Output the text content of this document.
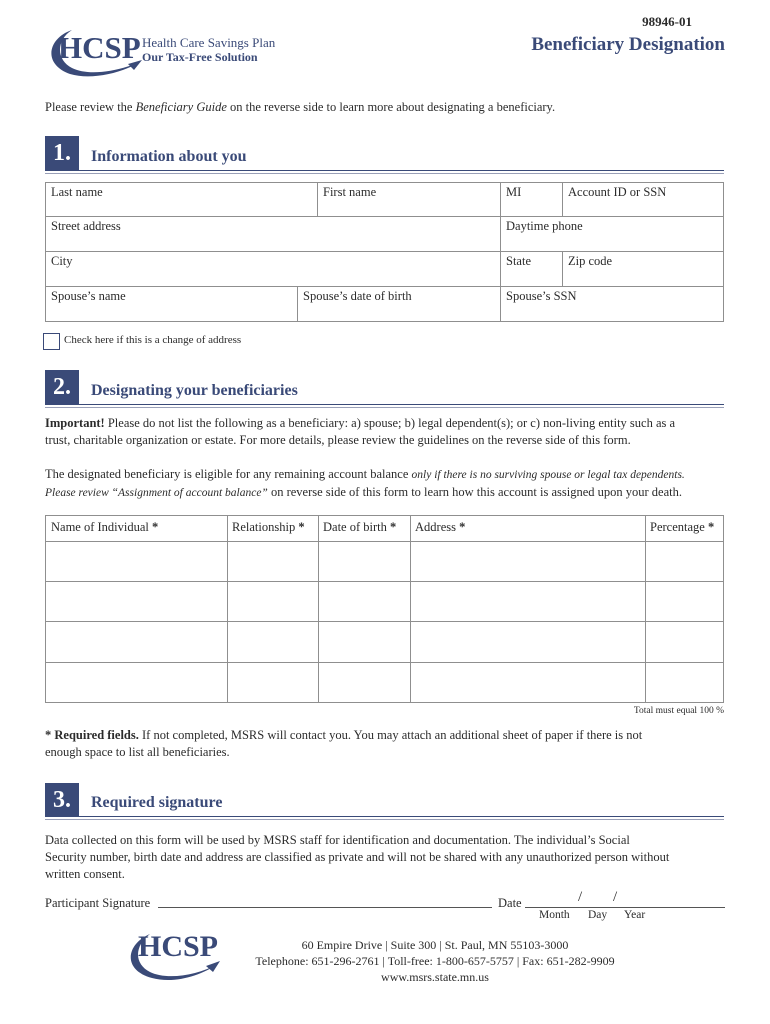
HCSP Health Care Savings Plan
Our Tax-Free Solution
98946-01
Beneficiary Designation
Please review the Beneficiary Guide on the reverse side to learn more about designating a beneficiary.
1.	Information about you
Last name	First name	MI	Account ID or SSN
Street address	Daytime phone
City	State	Zip code
Spouse’s name	Spouse’s date of birth	Spouse’s SSN
Check here if this is a change of address
2.	Designating your beneficiaries
Important! Please do not list the following as a beneficiary: a) spouse; b) legal dependent(s); or c) non-living entity such as a
trust, charitable organization or estate. For more details, please review the guidelines on the reverse side of this form.
The designated beneficiary is eligible for any remaining account balance only if there is no surviving spouse or legal tax dependents.
Please review “Assignment of account balance” on reverse side of this form to learn how this account is assigned upon your death.
Name of Individual *	Relationship * Date of birth * Address *	Percentage *
Total must equal 100 %
* Required fields. If not completed, MSRS will contact you. You may attach an additional sheet of paper if there is not
enough space to list all beneficiaries.
3.	Required signature
Data collected on this form will be used by MSRS staff for identification and documentation. The individual’s Social
Security number, birth date and address are classified as private and will not be shared with any unauthorized person without
written consent.
Participant Signature	Date	/ /
Month Day Year
HCSP	60 Empire Drive | Suite 300 | St. Paul, MN 55103-3000
Telephone: 651-296-2761 | Toll-free: 1-800-657-5757 | Fax: 651-282-9909
www.msrs.state.mn.us
